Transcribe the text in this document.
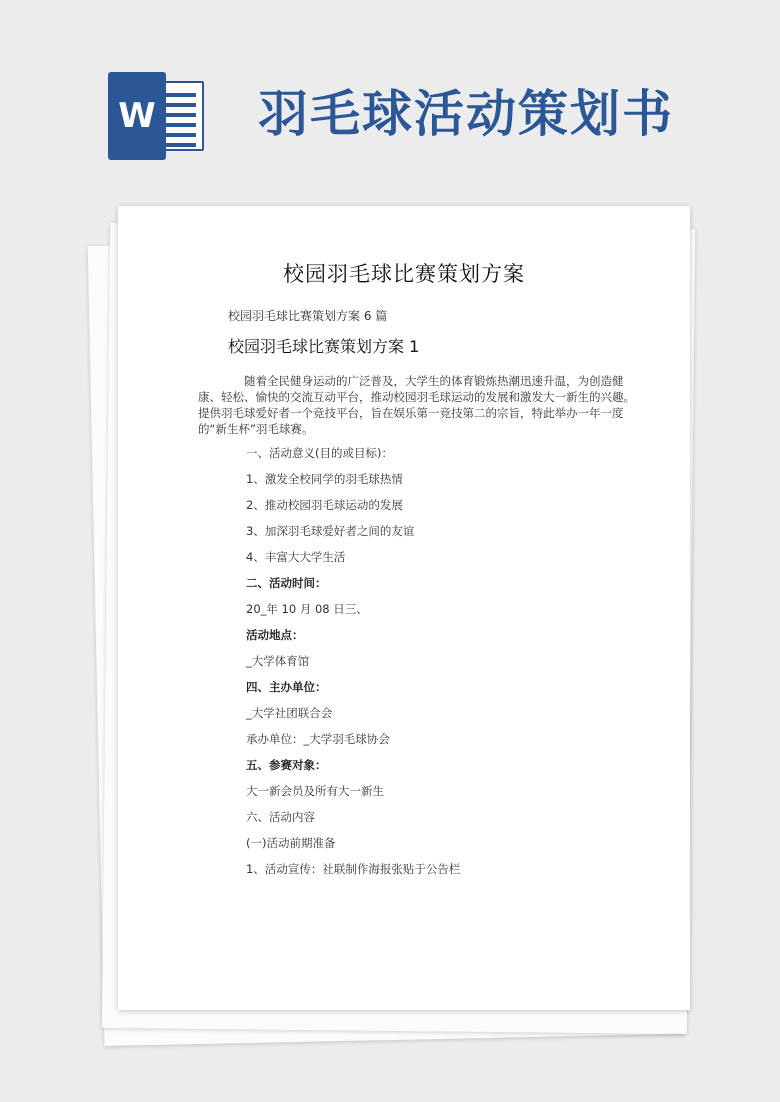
W 羽毛球活动策划书
校园羽毛球比赛策划方案
校园羽毛球比赛策划方案 6 篇
校园羽毛球比赛策划方案 1
随着全民健身运动的广泛普及，大学生的体育锻炼热潮迅速升温，为创造健康、轻松、愉快的交流互动平台，推动校园羽毛球运动的发展和激发大一新生的兴趣。 提供羽毛球爱好者一个竞技平台，旨在娱乐第一竞技第二的宗旨，特此举办一年一度的“新生杯”羽毛球赛。
一、活动意义(目的或目标)：
1、激发全校同学的羽毛球热情
2、推动校园羽毛球运动的发展
3、加深羽毛球爱好者之间的友谊
4、丰富大大学生活
二、活动时间：
20_年 10 月 08 日三、
活动地点：
_大学体育馆
四、主办单位：
_大学社团联合会
承办单位：_大学羽毛球协会
五、参赛对象：
大一新会员及所有大一新生
六、活动内容
(一)活动前期准备
1、活动宣传：社联制作海报张贴于公告栏
